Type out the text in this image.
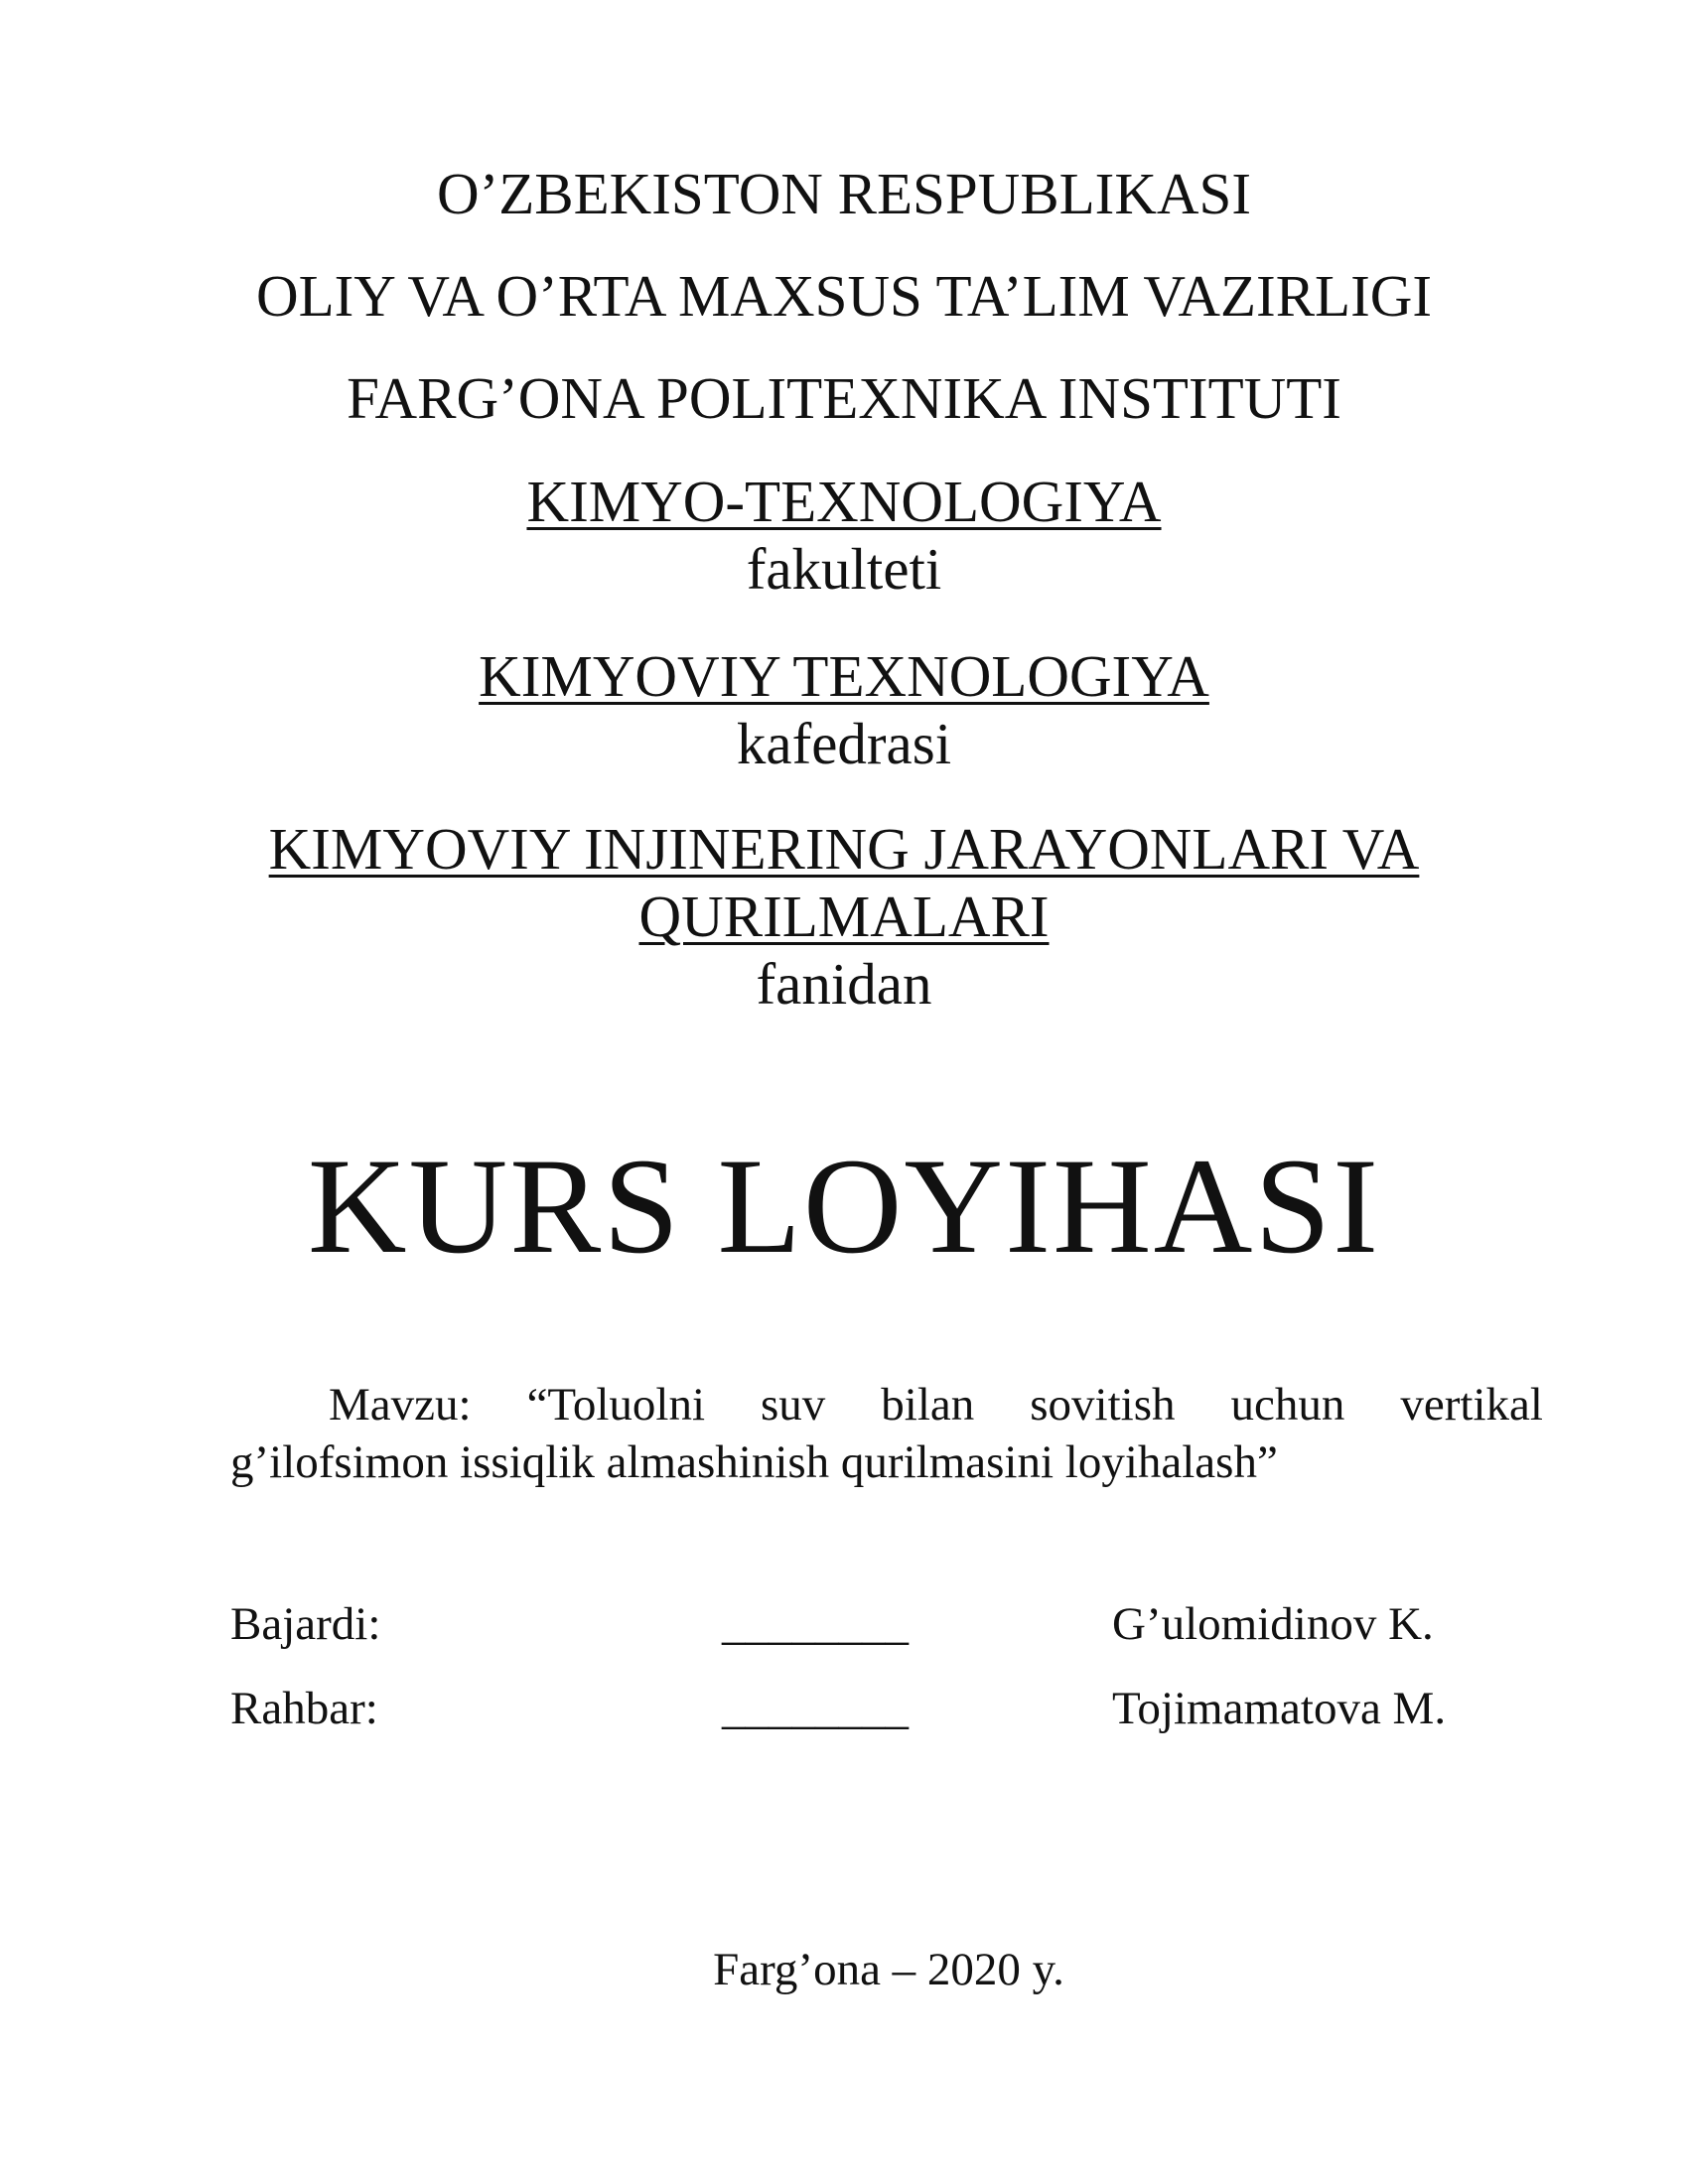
O’ZBEKISTON RESPUBLIKASI
OLIY VA O’RTA MAXSUS TA’LIM VAZIRLIGI
FARG’ONA POLITEXNIKA INSTITUTI
KIMYO-TEXNOLOGIYA
fakulteti
KIMYOVIY TEXNOLOGIYA
kafedrasi
KIMYOVIY INJINERING JARAYONLARI VA
QURILMALARI
fanidan
KURS LOYIHASI
Mavzu: “Toluolni suv bilan sovitish uchun vertikal
g’ilofsimon issiqlik almashinish qurilmasini loyihalash”
Bajardi:	________	G’ulomidinov K.
Rahbar:	________	Tojimamatova M.
Farg’ona – 2020 y.
